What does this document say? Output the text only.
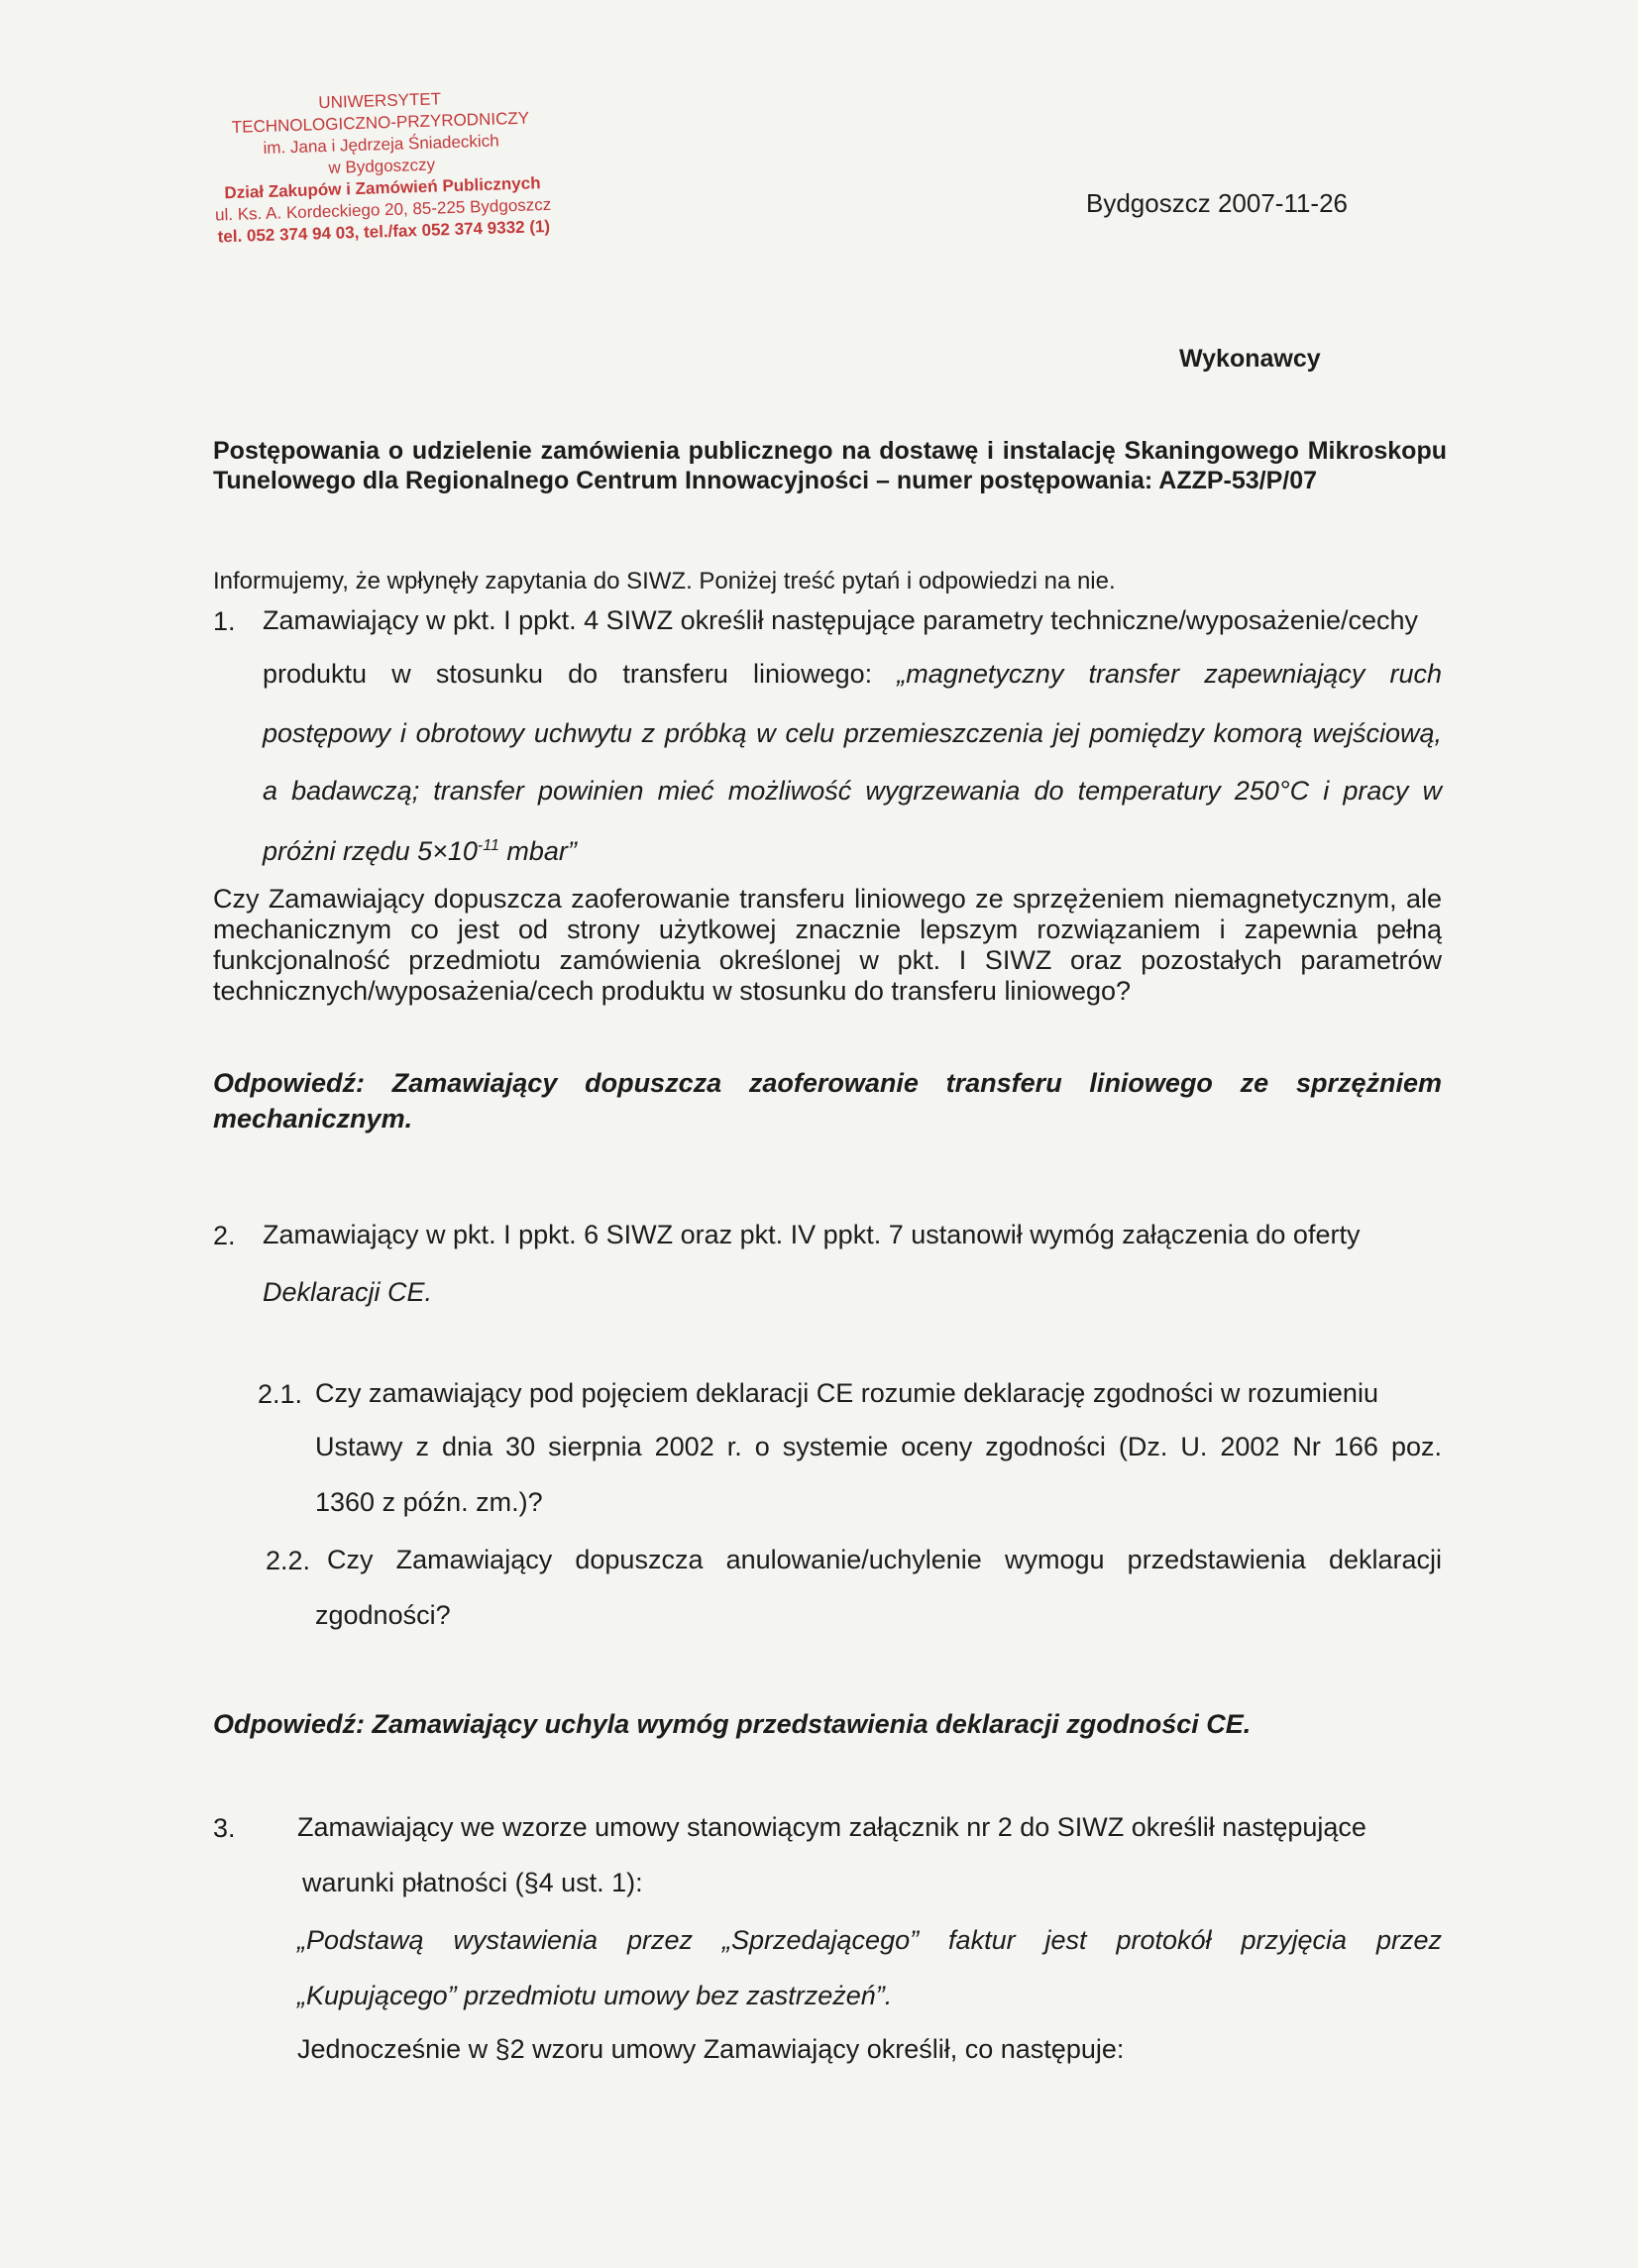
UNIWERSYTET
TECHNOLOGICZNO-PRZYRODNICZY
im. Jana i Jędrzeja Śniadeckich
w Bydgoszczy
Dział Zakupów i Zamówień Publicznych
ul. Ks. A. Kordeckiego 20, 85-225 Bydgoszcz
tel. 052 374 94 03, tel./fax 052 374 9332 (1)
Bydgoszcz 2007-11-26
Wykonawcy
Postępowania o udzielenie zamówienia publicznego na dostawę i instalację Skaningowego Mikroskopu Tunelowego dla Regionalnego Centrum Innowacyjności – numer postępowania: AZZP-53/P/07
Informujemy, że wpłynęły zapytania do SIWZ. Poniżej treść pytań i odpowiedzi na nie.
1. Zamawiający w pkt. I ppkt. 4 SIWZ określił następujące parametry techniczne/wyposażenie/cechy
produktu w stosunku do transferu liniowego: „magnetyczny transfer zapewniający ruch
postępowy i obrotowy uchwytu z próbką w celu przemieszczenia jej pomiędzy komorą wejściową,
a badawczą; transfer powinien mieć możliwość wygrzewania do temperatury 250°C i pracy w
próżni rzędu $5\times 10^{-11}$ mbar”
Czy Zamawiający dopuszcza zaoferowanie transferu liniowego ze sprzężeniem niemagnetycznym, ale mechanicznym co jest od strony użytkowej znacznie lepszym rozwiązaniem i zapewnia pełną funkcjonalność przedmiotu zamówienia określonej w pkt. I SIWZ oraz pozostałych parametrów technicznych/wyposażenia/cech produktu w stosunku do transferu liniowego?
Odpowiedź: Zamawiający dopuszcza zaoferowanie transferu liniowego ze sprzężniem mechanicznym.
2. Zamawiający w pkt. I ppkt. 6 SIWZ oraz pkt. IV ppkt. 7 ustanowił wymóg załączenia do oferty
Deklaracji CE.
2.1. Czy zamawiający pod pojęciem deklaracji CE rozumie deklarację zgodności w rozumieniu
Ustawy z dnia 30 sierpnia 2002 r. o systemie oceny zgodności (Dz. U. 2002 Nr 166 poz.
1360 z późn. zm.)?
2.2. Czy Zamawiający dopuszcza anulowanie/uchylenie wymogu przedstawienia deklaracji
zgodności?
Odpowiedź: Zamawiający uchyla wymóg przedstawienia deklaracji zgodności CE.
3. Zamawiający we wzorze umowy stanowiącym załącznik nr 2 do SIWZ określił następujące
warunki płatności (§4 ust. 1):
„Podstawą wystawienia przez „Sprzedającego” faktur jest protokół przyjęcia przez
„Kupującego” przedmiotu umowy bez zastrzeżeń”.
Jednocześnie w §2 wzoru umowy Zamawiający określił, co następuje:
